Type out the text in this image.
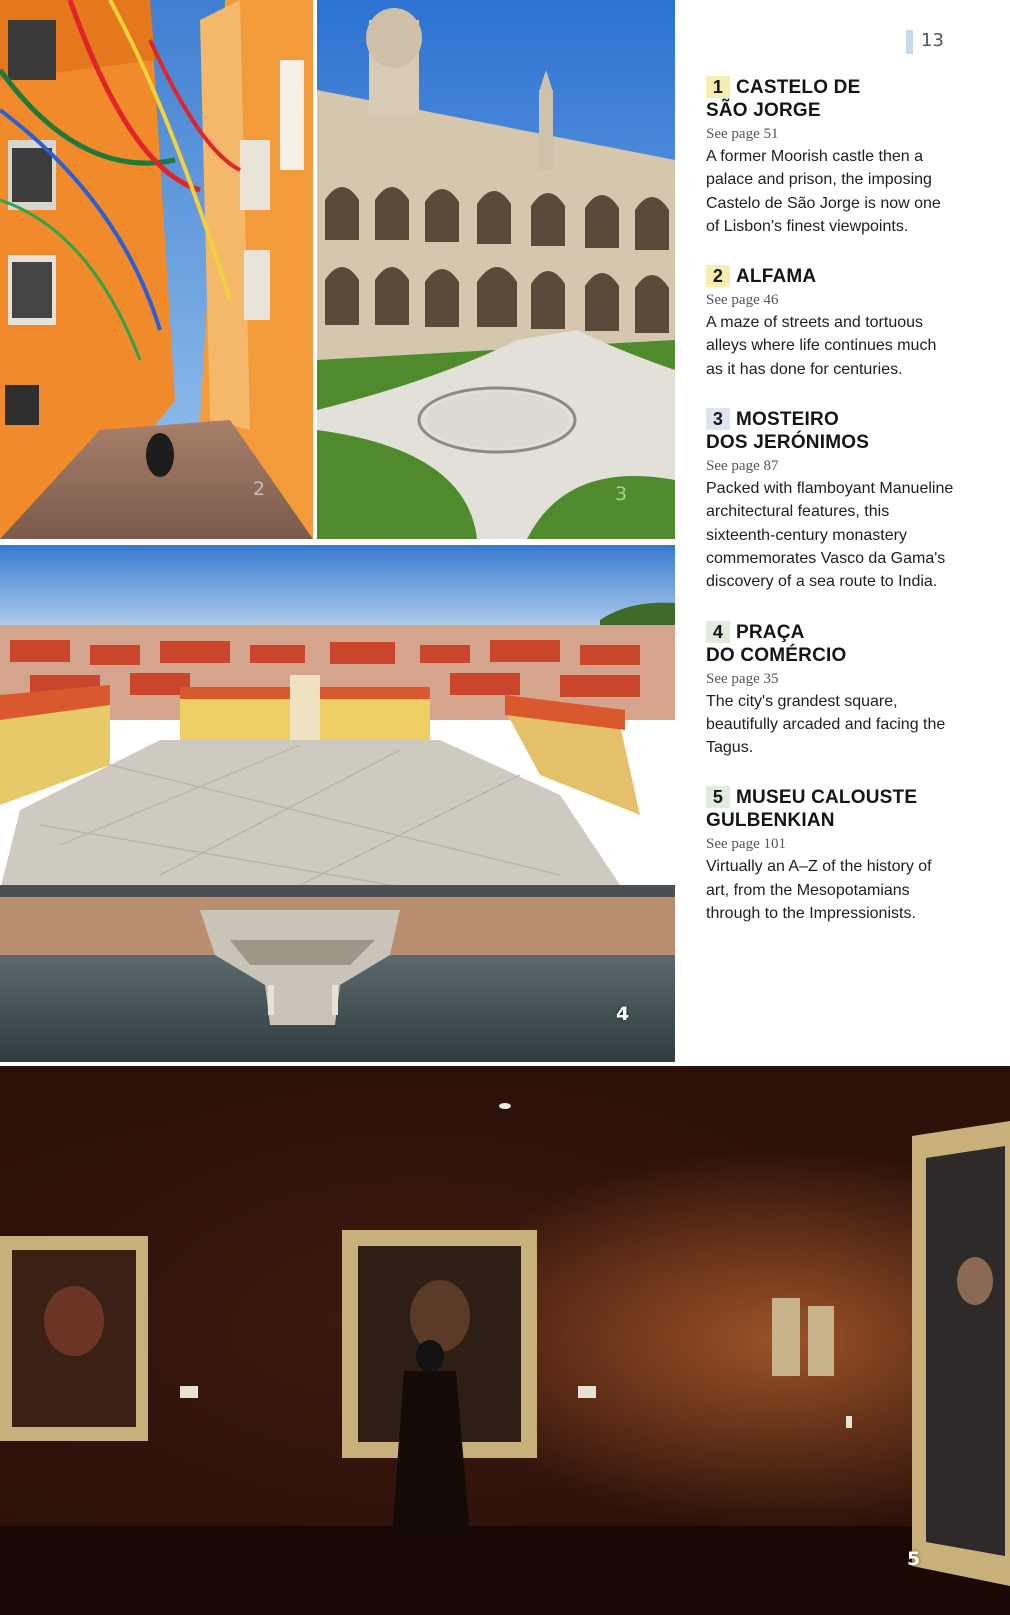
2	3
4
5
13
1 CASTELO DE
SÃO JORGE
See page 51
A former Moorish castle then a palace and prison, the imposing Castelo de São Jorge is now one of Lisbon's finest viewpoints.
2 ALFAMA
See page 46
A maze of streets and tortuous alleys where life continues much as it has done for centuries.
3 MOSTEIRO
DOS JERÓNIMOS
See page 87
Packed with flamboyant Manueline architectural features, this sixteenth-century monastery commemorates Vasco da Gama's discovery of a sea route to India.
4 PRAÇA
DO COMÉRCIO
See page 35
The city's grandest square, beautifully arcaded and facing the Tagus.
5 MUSEU CALOUSTE
GULBENKIAN
See page 101
Virtually an A–Z of the history of art, from the Mesopotamians through to the Impressionists.
